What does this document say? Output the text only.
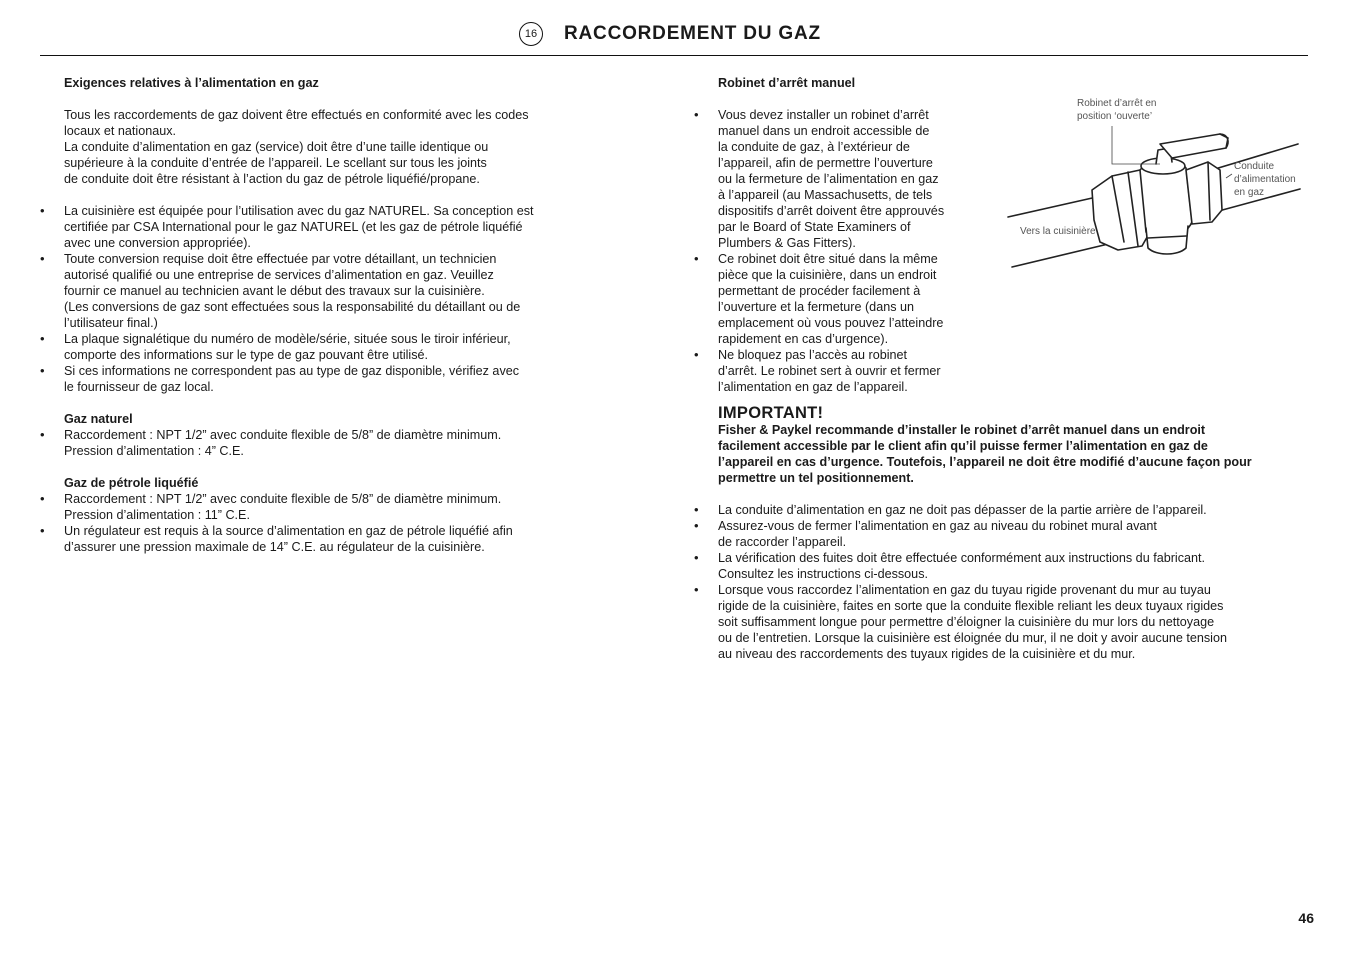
16	RACCORDEMENT DU GAZ

Exigences relatives à l’alimentation en gaz

Tous les raccordements de gaz doivent être effectués en conformité avec les codes

locaux et nationaux.

La conduite d’alimentation en gaz (service) doit être d’une taille identique ou

supérieure à la conduite d’entrée de l’appareil. Le scellant sur tous les joints

de conduite doit être résistant à l’action du gaz de pétrole liquéfié/propane.

• La cuisinière est équipée pour l’utilisation avec du gaz NATUREL. Sa conception est

certifiée par CSA International pour le gaz NATUREL (et les gaz de pétrole liquéfié

avec une conversion appropriée).

• Toute conversion requise doit être effectuée par votre détaillant, un technicien

autorisé qualifié ou une entreprise de services d’alimentation en gaz. Veuillez

fournir ce manuel au technicien avant le début des travaux sur la cuisinière.

(Les conversions de gaz sont effectuées sous la responsabilité du détaillant ou de

l’utilisateur final.)

• La plaque signalétique du numéro de modèle/série, située sous le tiroir inférieur,

comporte des informations sur le type de gaz pouvant être utilisé.

• Si ces informations ne correspondent pas au type de gaz disponible, vérifiez avec

le fournisseur de gaz local.

Gaz naturel

• Raccordement : NPT 1/2” avec conduite flexible de 5/8” de diamètre minimum.

Pression d’alimentation : 4” C.E.

Gaz de pétrole liquéfié

• Raccordement : NPT 1/2” avec conduite flexible de 5/8” de diamètre minimum.

Pression d’alimentation : 11” C.E.

• Un régulateur est requis à la source d’alimentation en gaz de pétrole liquéfié afin

d’assurer une pression maximale de 14” C.E. au régulateur de la cuisinière.

Robinet d’arrêt manuel

• Vous devez installer un robinet d’arrêt

manuel dans un endroit accessible de

la conduite de gaz, à l’extérieur de

l’appareil, afin de permettre l’ouverture

ou la fermeture de l’alimentation en gaz

à l’appareil (au Massachusetts, de tels

dispositifs d’arrêt doivent être approuvés

par le Board of State Examiners of

Plumbers & Gas Fitters).

• Ce robinet doit être situé dans la même

pièce que la cuisinière, dans un endroit

permettant de procéder facilement à

l’ouverture et la fermeture (dans un

emplacement où vous pouvez l’atteindre

rapidement en cas d’urgence).

• Ne bloquez pas l’accès au robinet

d’arrêt. Le robinet sert à ouvrir et fermer

l’alimentation en gaz de l’appareil.

Robinet d’arrêt en
position ‘ouverte’
Conduite
d’alimentation
en gaz
Vers la cuisinière
IMPORTANT!

Fisher & Paykel recommande d’installer le robinet d’arrêt manuel dans un endroit

facilement accessible par le client afin qu’il puisse fermer l’alimentation en gaz de

l’appareil en cas d’urgence. Toutefois, l’appareil ne doit être modifié d’aucune façon pour

permettre un tel positionnement.

• La conduite d’alimentation en gaz ne doit pas dépasser de la partie arrière de l’appareil.

• Assurez-vous de fermer l’alimentation en gaz au niveau du robinet mural avant

de raccorder l’appareil.

• La vérification des fuites doit être effectuée conformément aux instructions du fabricant.

Consultez les instructions ci-dessous.

• Lorsque vous raccordez l’alimentation en gaz du tuyau rigide provenant du mur au tuyau

rigide de la cuisinière, faites en sorte que la conduite flexible reliant les deux tuyaux rigides

soit suffisamment longue pour permettre d’éloigner la cuisinière du mur lors du nettoyage

ou de l’entretien. Lorsque la cuisinière est éloignée du mur, il ne doit y avoir aucune tension

au niveau des raccordements des tuyaux rigides de la cuisinière et du mur.

46
